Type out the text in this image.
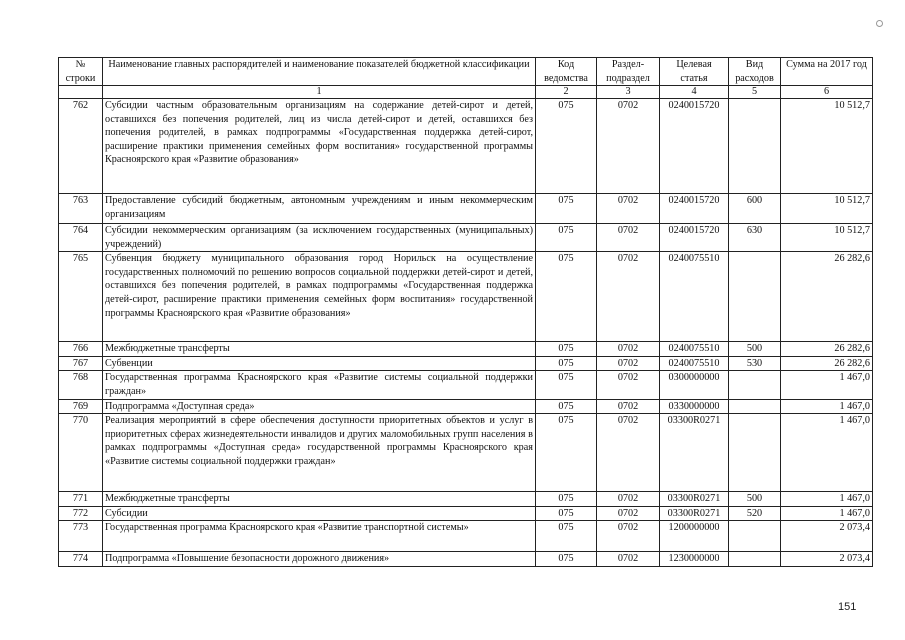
№ строки	Наименование главных распорядителей и наименование показателей бюджетной классификации	Код ведомства	Раздел-подраздел	Целевая статья	Вид расходов	Сумма на 2017 год
	1	2	3	4	5	6
762	Субсидии частным образовательным организациям на содержание детей-сирот и детей, оставшихся без попечения родителей, лиц из числа детей-сирот и детей, оставшихся без попечения родителей, в рамках подпрограммы «Государственная поддержка детей-сирот, расширение практики применения семейных форм воспитания» государственной программы Красноярского края «Развитие образования»	075	0702	0240015720		10 512,7
763	Предоставление субсидий бюджетным, автономным учреждениям и иным некоммерческим организациям	075	0702	0240015720	600	10 512,7
764	Субсидии некоммерческим организациям (за исключением государственных (муниципальных) учреждений)	075	0702	0240015720	630	10 512,7
765	Субвенция бюджету муниципального образования город Норильск на осуществление государственных полномочий по решению вопросов социальной поддержки детей-сирот и детей, оставшихся без попечения родителей, в рамках подпрограммы «Государственная поддержка детей-сирот, расширение практики применения семейных форм воспитания» государственной программы Красноярского края «Развитие образования»	075	0702	0240075510		26 282,6
766	Межбюджетные трансферты	075	0702	0240075510	500	26 282,6
767	Субвенции	075	0702	0240075510	530	26 282,6
768	Государственная программа Красноярского края «Развитие системы социальной поддержки граждан»	075	0702	0300000000		1 467,0
769	Подпрограмма «Доступная среда»	075	0702	0330000000		1 467,0
770	Реализация мероприятий в сфере обеспечения доступности приоритетных объектов и услуг в приоритетных сферах жизнедеятельности инвалидов и других маломобильных групп населения в рамках подпрограммы «Доступная среда» государственной программы Красноярского края «Развитие системы социальной поддержки граждан»	075	0702	03300R0271		1 467,0
771	Межбюджетные трансферты	075	0702	03300R0271	500	1 467,0
772	Субсидии	075	0702	03300R0271	520	1 467,0
773	Государственная программа Красноярского края «Развитие транспортной системы»	075	0702	1200000000		2 073,4
774	Подпрограмма «Повышение безопасности дорожного движения»	075	0702	1230000000		2 073,4
151
